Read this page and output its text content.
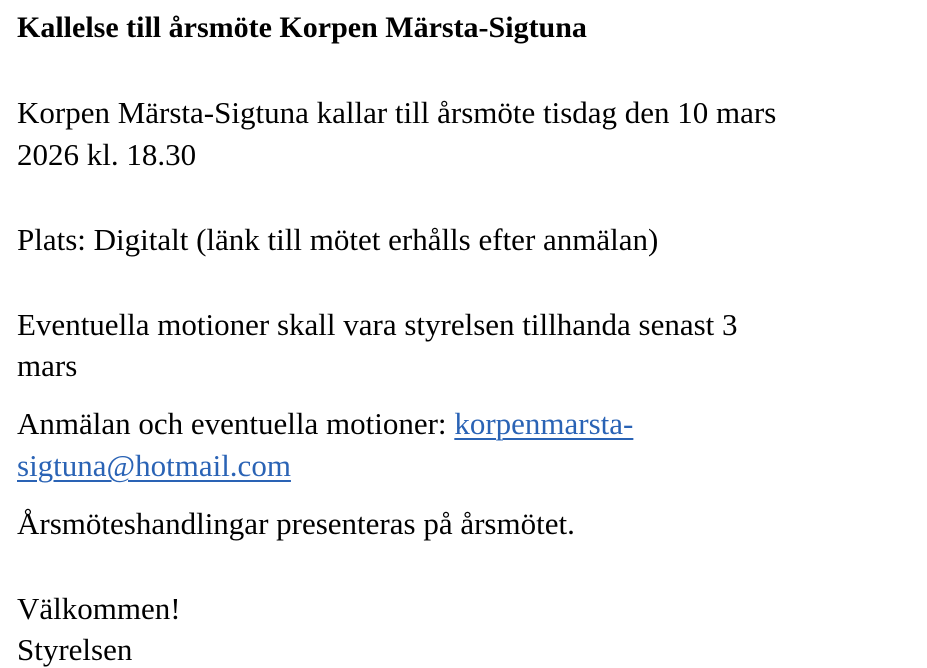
Kallelse till årsmöte Korpen Märsta-Sigtuna
Korpen Märsta-Sigtuna kallar till årsmöte tisdag den 10 mars
2026 kl. 18.30
Plats: Digitalt (länk till mötet erhålls efter anmälan)
Eventuella motioner skall vara styrelsen tillhanda senast 3
mars
Anmälan och eventuella motioner: korpenmarsta-
sigtuna@hotmail.com
Årsmöteshandlingar presenteras på årsmötet.
Välkommen!
Styrelsen
